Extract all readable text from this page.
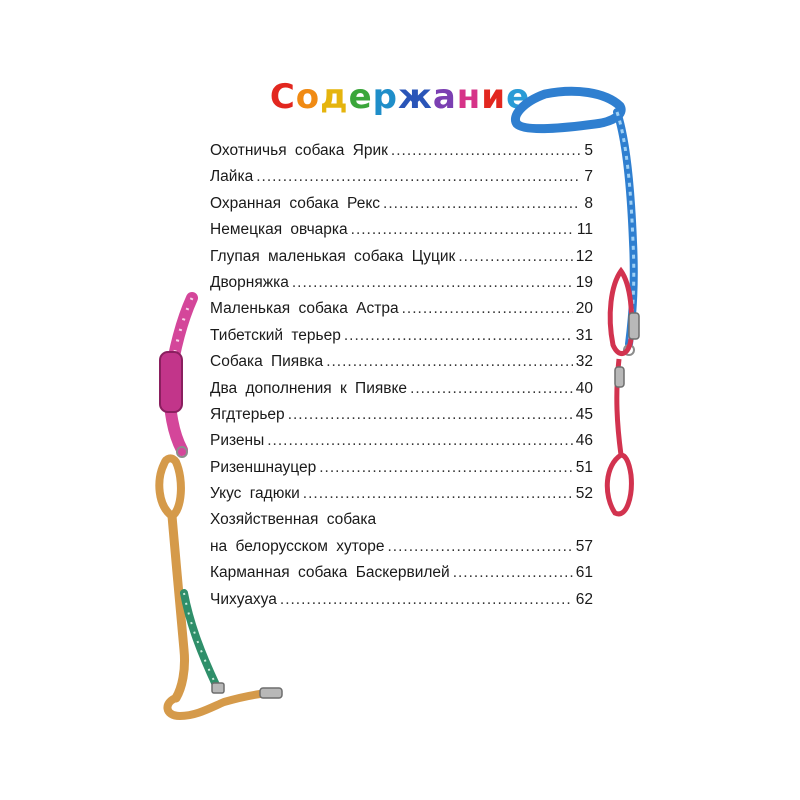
Содержание
Охотничья собака Ярик .....	5
Лайка .....	7
Охранная собака Рекс .....	8
Немецкая овчарка .....	11
Глупая маленькая собака Цуцик .....	12
Дворняжка .....	19
Маленькая собака Астра .....	20
Тибетский терьер .....	31
Собака Пиявка .....	32
Два дополнения к Пиявке .....	40
Ягдтерьер .....	45
Ризены .....	46
Ризеншнауцер .....	51
Укус гадюки .....	52
Хозяйственная собака
на белорусском хуторе .....	57
Карманная собака Баскервилей .....	61
Чихуахуа .....	62
